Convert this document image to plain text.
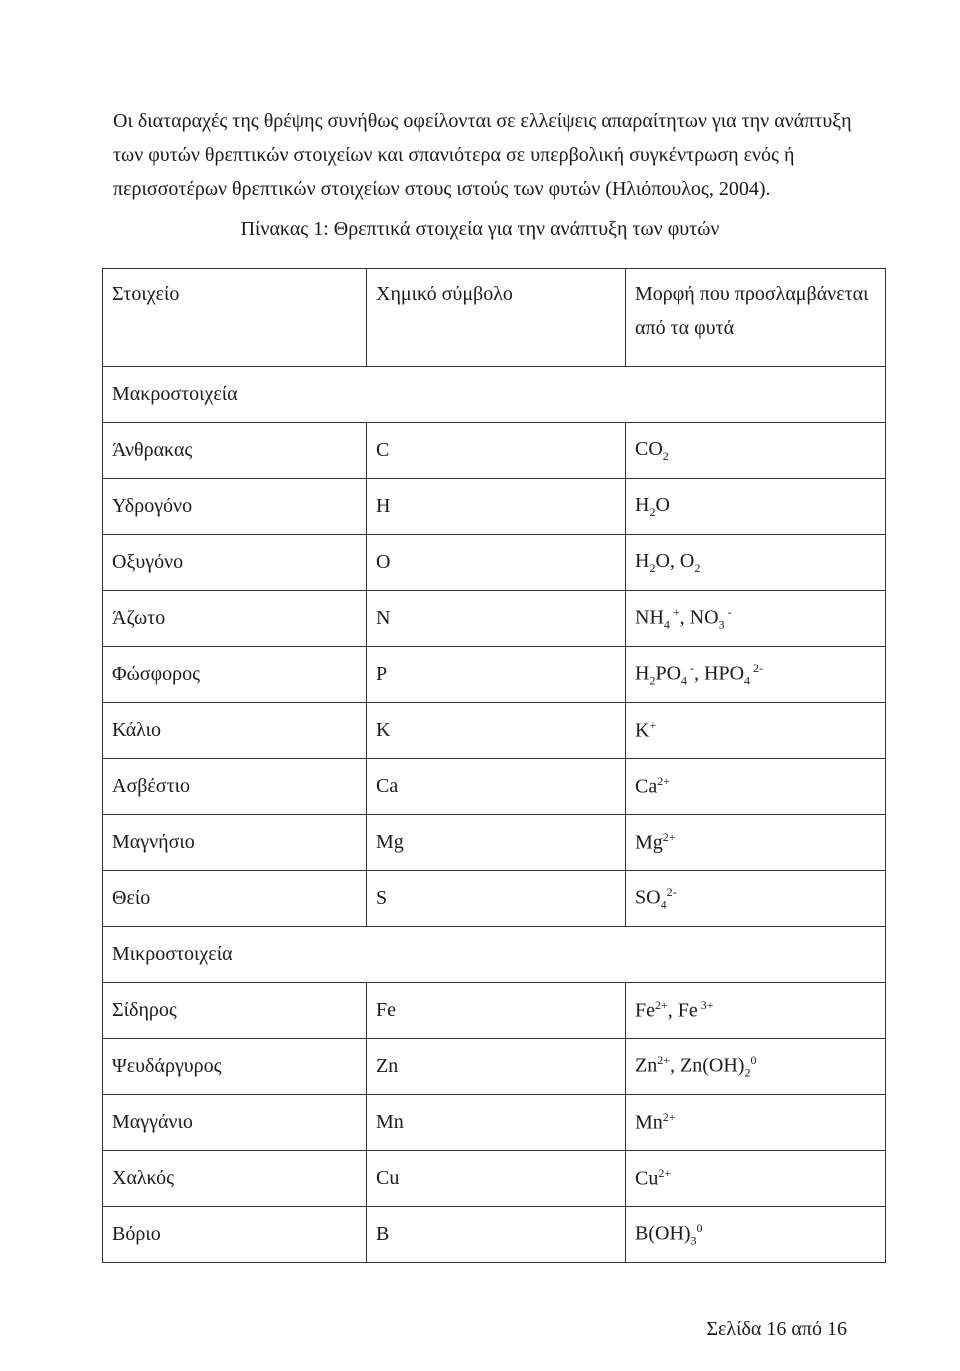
Οι διαταραχές της θρέψης συνήθως οφείλονται σε ελλείψεις απαραίτητων για την ανάπτυξη των φυτών θρεπτικών στοιχείων και σπανιότερα σε υπερβολική συγκέντρωση ενός ή περισσοτέρων θρεπτικών στοιχείων στους ιστούς των φυτών (Ηλιόπουλος, 2004).

Πίνακας 1: Θρεπτικά στοιχεία για την ανάπτυξη των φυτών

Στοιχείο	Χημικό σύμβολο	Μορφή που προσλαμβάνεται από τα φυτά
Μακροστοιχεία		
Άνθρακας	C	$CO_2$
Υδρογόνο	H	$H_2O$
Οξυγόνο	O	$H_2O$, $O_2$
Άζωτο	N	$NH_4$ +, $NO_3$ -
Φώσφορος	P	$H_2PO_4$ -, $HPO_4$ $^{2-}$
Κάλιο	K	K+
Ασβέστιο	Ca	$Ca^{2+}$
Μαγνήσιο	Mg	$Mg^{2+}$
Θείο	S	$SO_4^{2-}$
Μικροστοιχεία		
Σίδηρος	Fe	$Fe^{2+}$, Fe $^{3+}$
Ψευδάργυρος	Zn	$Zn^{2+}$, $Zn(OH)_2^0$
Μαγγάνιο	Mn	$Mn^{2+}$
Χαλκός	Cu	$Cu^{2+}$
Βόριο	B	$B(OH)_3^0$

Σελίδα 16 από 16
